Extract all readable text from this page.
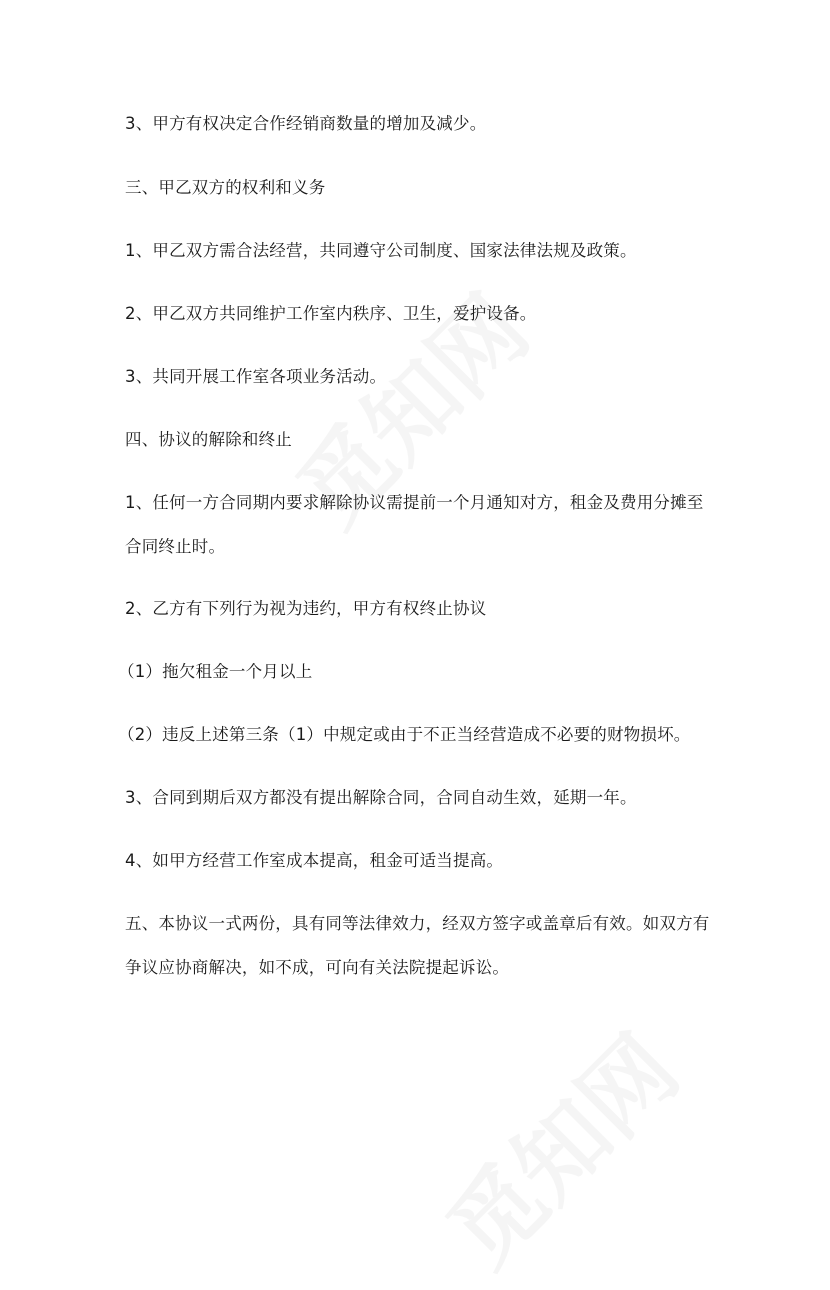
3、甲方有权决定合作经销商数量的增加及减少。

三、甲乙双方的权利和义务

1、甲乙双方需合法经营，共同遵守公司制度、国家法律法规及政策。

2、甲乙双方共同维护工作室内秩序、卫生，爱护设备。

3、共同开展工作室各项业务活动。

四、协议的解除和终止

1、任何一方合同期内要求解除协议需提前一个月通知对方，租金及费用分摊至合同终止时。

2、乙方有下列行为视为违约，甲方有权终止协议

（1）拖欠租金一个月以上

（2）违反上述第三条（1）中规定或由于不正当经营造成不必要的财物损坏。

3、合同到期后双方都没有提出解除合同，合同自动生效，延期一年。

4、如甲方经营工作室成本提高，租金可适当提高。

五、本协议一式两份，具有同等法律效力，经双方签字或盖章后有效。如双方有争议应协商解决，如不成，可向有关法院提起诉讼。
